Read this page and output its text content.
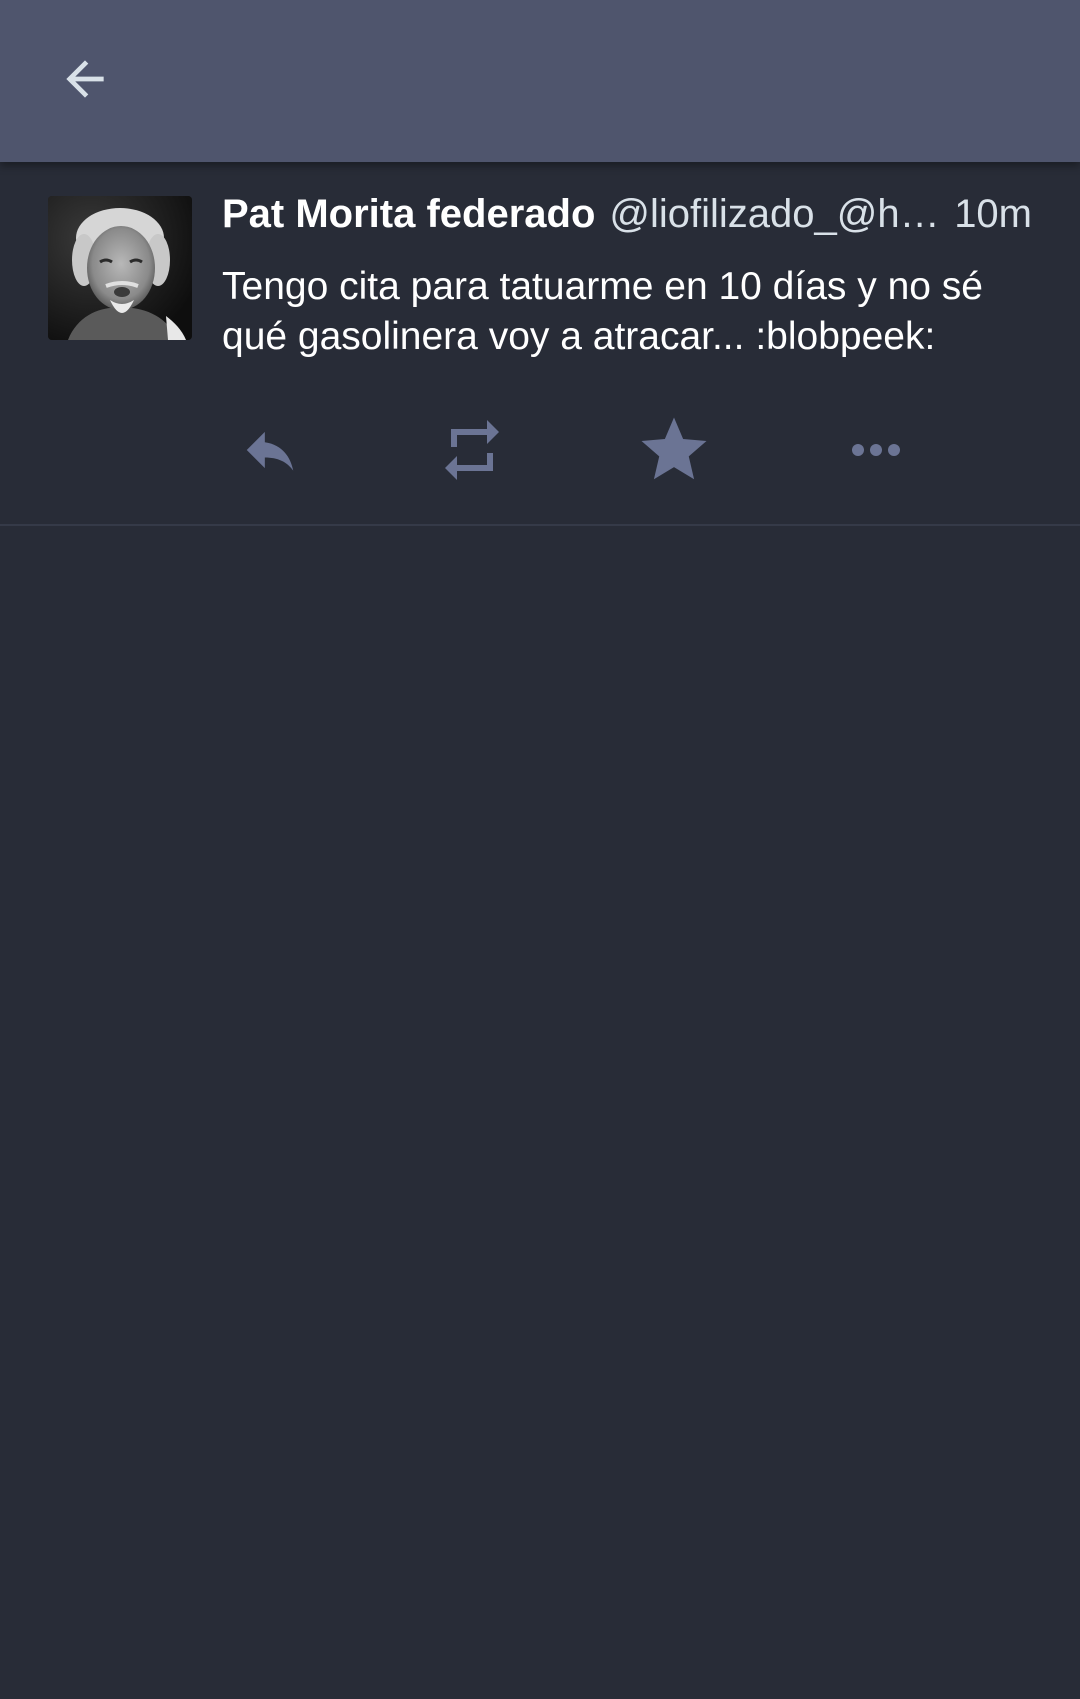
Pat Morita federado @liofilizado_@h… 10m
Tengo cita para tatuarme en 10 días y no sé qué gasolinera voy a atracar... :blobpeek:
